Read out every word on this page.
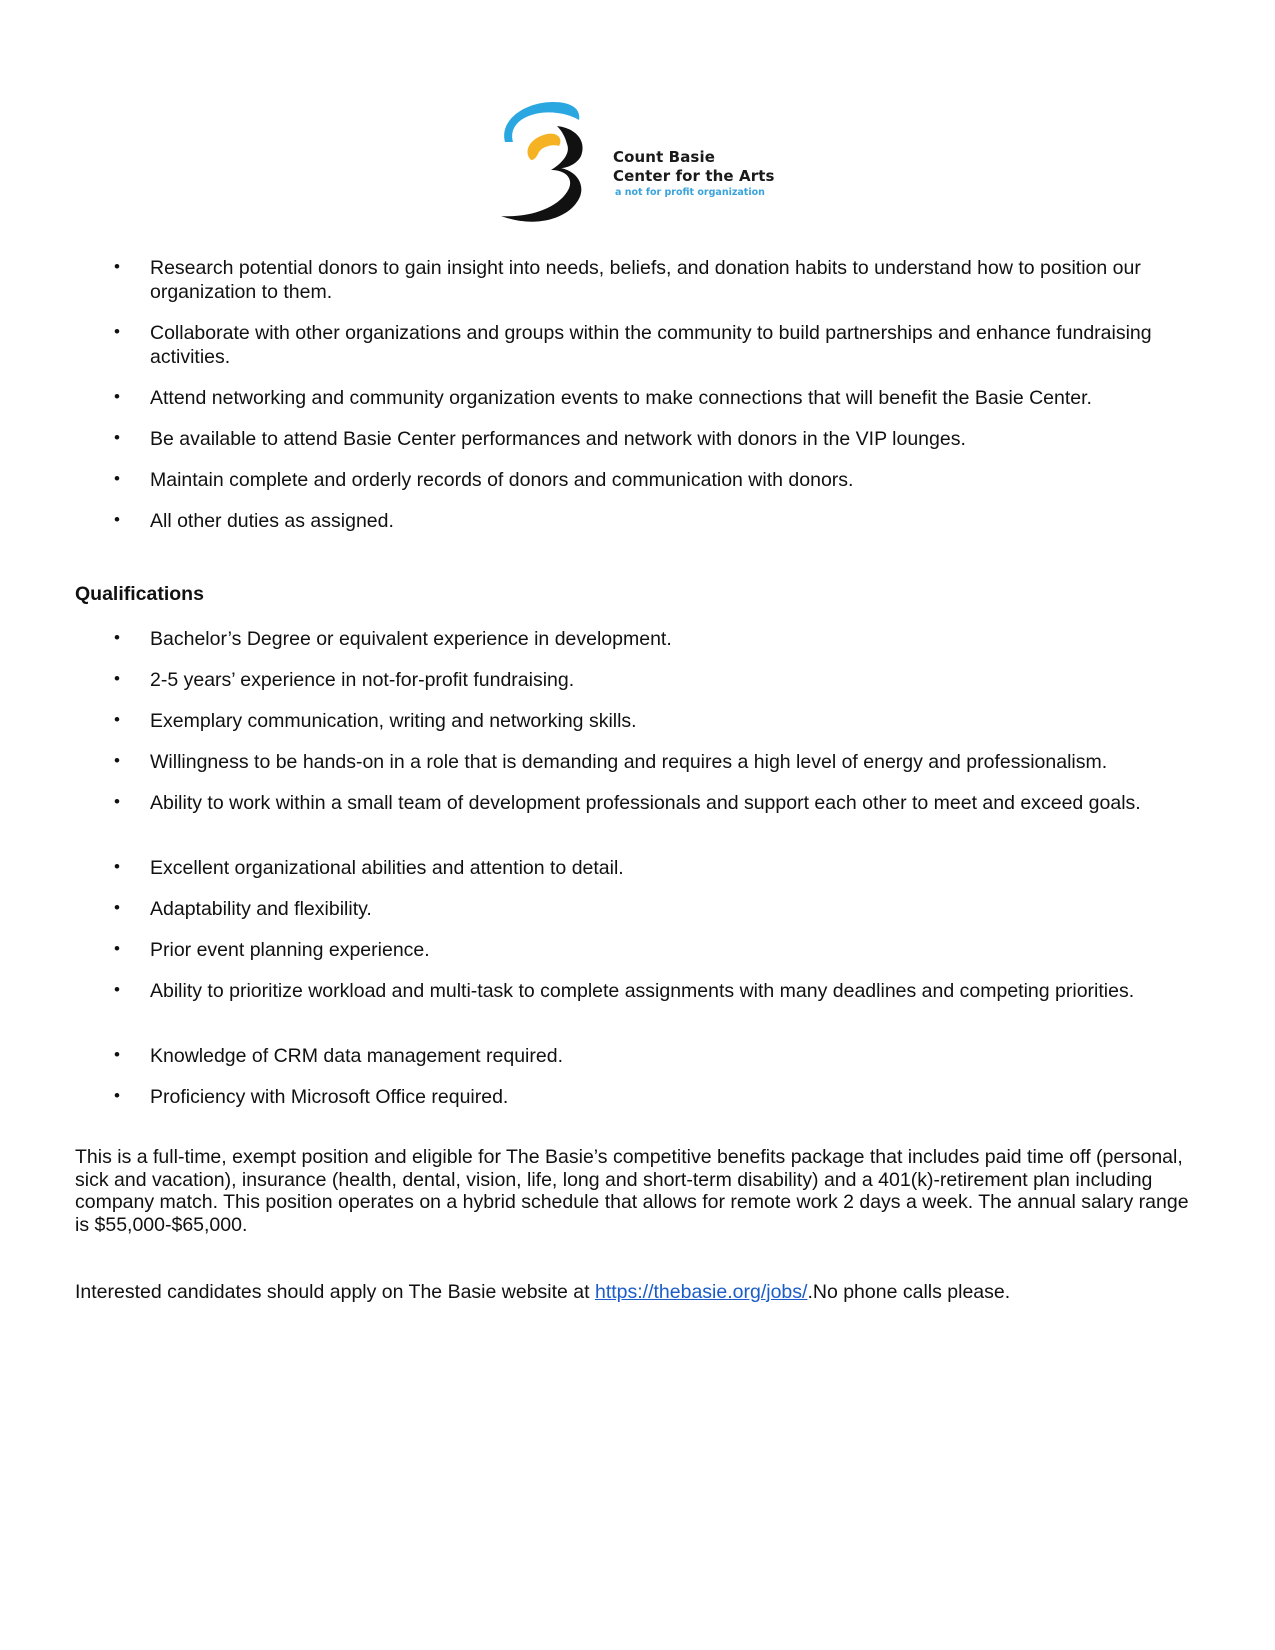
Count Basie
Center for the Arts
a not for profit organization
• Research potential donors to gain insight into needs, beliefs, and donation habits to understand how to position our organization to them.
• Collaborate with other organizations and groups within the community to build partnerships and enhance fundraising activities.
• Attend networking and community organization events to make connections that will benefit the Basie Center.
• Be available to attend Basie Center performances and network with donors in the VIP lounges.
• Maintain complete and orderly records of donors and communication with donors.
• All other duties as assigned.
Qualifications
• Bachelor’s Degree or equivalent experience in development.
• 2-5 years’ experience in not-for-profit fundraising.
• Exemplary communication, writing and networking skills.
• Willingness to be hands-on in a role that is demanding and requires a high level of energy and professionalism.
• Ability to work within a small team of development professionals and support each other to meet and exceed goals.
• Excellent organizational abilities and attention to detail.
• Adaptability and flexibility.
• Prior event planning experience.
• Ability to prioritize workload and multi-task to complete assignments with many deadlines and competing priorities.
• Knowledge of CRM data management required.
• Proficiency with Microsoft Office required.

This is a full-time, exempt position and eligible for The Basie’s competitive benefits package that includes paid time off (personal, sick and vacation), insurance (health, dental, vision, life, long and short-term disability) and a 401(k)-retirement plan including company match. This position operates on a hybrid schedule that allows for remote work 2 days a week. The annual salary range is $55,000-$65,000.

Interested candidates should apply on The Basie website at https://thebasie.org/jobs/.No phone calls please.
